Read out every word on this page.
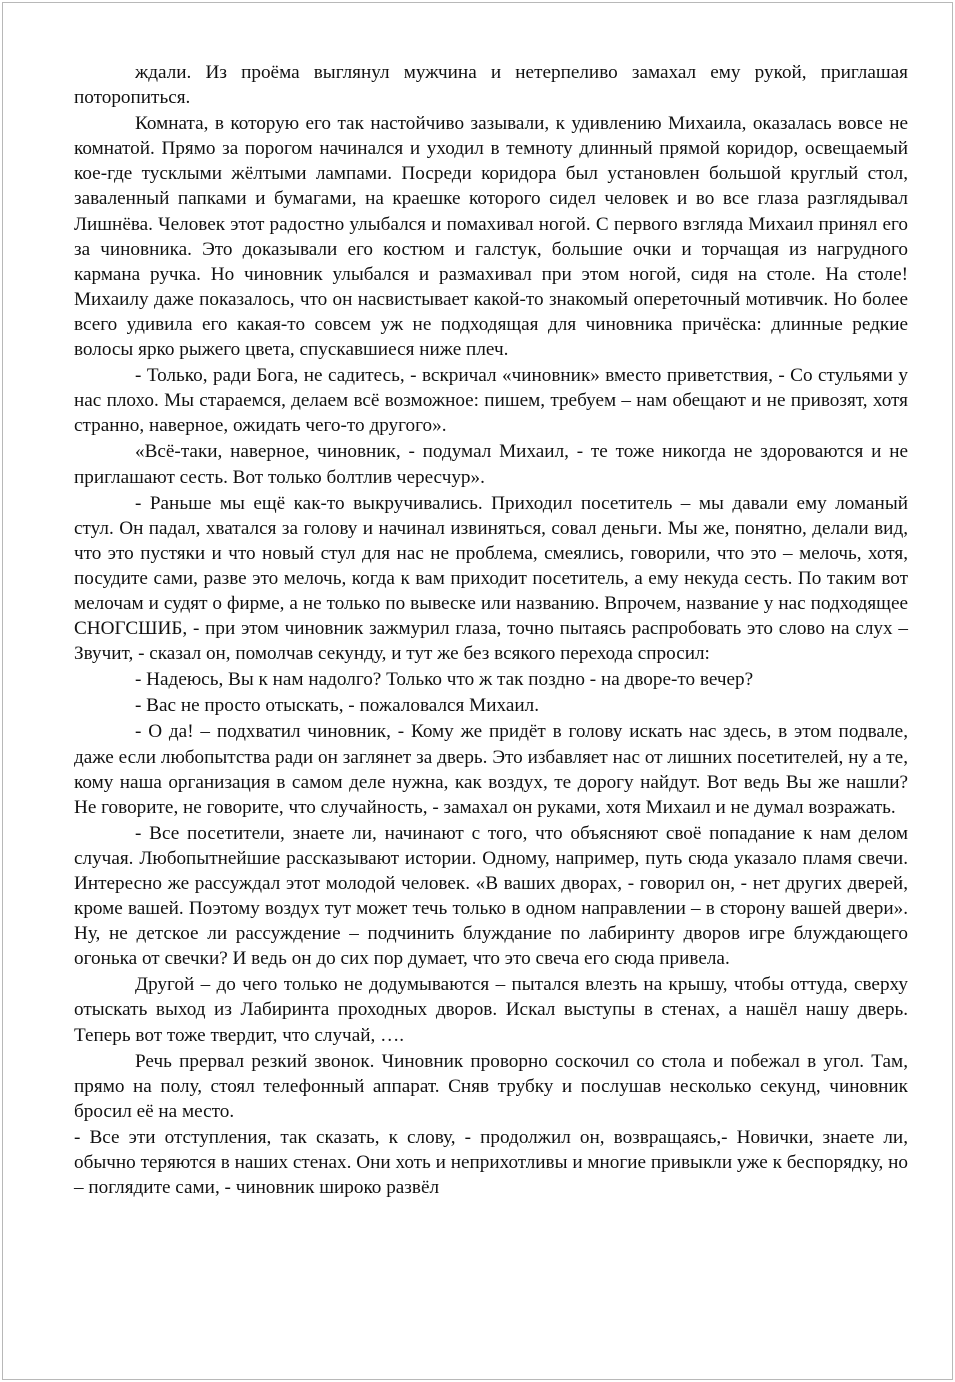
ждали. Из проёма выглянул мужчина и нетерпеливо замахал ему рукой, приглашая поторопиться.

Комната, в которую его так настойчиво зазывали, к удивлению Михаила, оказалась вовсе не комнатой. Прямо за порогом начинался и уходил в темноту длинный прямой коридор, освещаемый кое-где тусклыми жёлтыми лампами. Посреди коридора был установлен большой круглый стол, заваленный папками и бумагами, на краешке которого сидел человек и во все глаза разглядывал Лишнёва. Человек этот радостно улыбался и помахивал ногой. С первого взгляда Михаил принял его за чиновника. Это доказывали его костюм и галстук, большие очки и торчащая из нагрудного кармана ручка. Но чиновник улыбался и размахивал при этом ногой, сидя на столе. На столе! Михаилу даже показалось, что он насвистывает какой-то знакомый опереточный мотивчик. Но более всего удивила его какая-то совсем уж не подходящая для чиновника причёска: длинные редкие волосы ярко рыжего цвета, спускавшиеся ниже плеч.

- Только, ради Бога, не садитесь, - вскричал «чиновник» вместо приветствия, - Со стульями у нас плохо. Мы стараемся, делаем всё возможное: пишем, требуем – нам обещают и не привозят, хотя странно, наверное, ожидать чего-то другого».

«Всё-таки, наверное, чиновник, - подумал Михаил, - те тоже никогда не здороваются и не приглашают сесть. Вот только болтлив чересчур».

- Раньше мы ещё как-то выкручивались. Приходил посетитель – мы давали ему ломаный стул. Он падал, хватался за голову и начинал извиняться, совал деньги. Мы же, понятно, делали вид, что это пустяки и что новый стул для нас не проблема, смеялись, говорили, что это – мелочь, хотя, посудите сами, разве это мелочь, когда к вам приходит посетитель, а ему некуда сесть. По таким вот мелочам и судят о фирме, а не только по вывеске или названию. Впрочем, название у нас подходящее СНОГСШИБ, - при этом чиновник зажмурил глаза, точно пытаясь распробовать это слово на слух – Звучит, - сказал он, помолчав секунду, и тут же без всякого перехода спросил:

- Надеюсь, Вы к нам надолго? Только что ж так поздно - на дворе-то вечер?

- Вас не просто отыскать, - пожаловался Михаил.

- О да! – подхватил чиновник, - Кому же придёт в голову искать нас здесь, в этом подвале, даже если любопытства ради он заглянет за дверь. Это избавляет нас от лишних посетителей, ну а те, кому наша организация в самом деле нужна, как воздух, те дорогу найдут. Вот ведь Вы же нашли? Не говорите, не говорите, что случайность, - замахал он руками, хотя Михаил и не думал возражать.

- Все посетители, знаете ли, начинают с того, что объясняют своё попадание к нам делом случая. Любопытнейшие рассказывают истории. Одному, например, путь сюда указало пламя свечи. Интересно же рассуждал этот молодой человек. «В ваших дворах, - говорил он, - нет других дверей, кроме вашей. Поэтому воздух тут может течь только в одном направлении – в сторону вашей двери». Ну, не детское ли рассуждение – подчинить блуждание по лабиринту дворов игре блуждающего огонька от свечки? И ведь он до сих пор думает, что это свеча его сюда привела.

Другой – до чего только не додумываются – пытался влезть на крышу, чтобы оттуда, сверху отыскать выход из Лабиринта проходных дворов. Искал выступы в стенах, а нашёл нашу дверь. Теперь вот тоже твердит, что случай, ….

Речь прервал резкий звонок. Чиновник проворно соскочил со стола и побежал в угол. Там, прямо на полу, стоял телефонный аппарат. Сняв трубку и послушав несколько секунд, чиновник бросил её на место.

- Все эти отступления, так сказать, к слову, - продолжил он, возвращаясь,- Новички, знаете ли, обычно теряются в наших стенах. Они хоть и неприхотливы и многие привыкли уже к беспорядку, но – поглядите сами, - чиновник широко развёл
